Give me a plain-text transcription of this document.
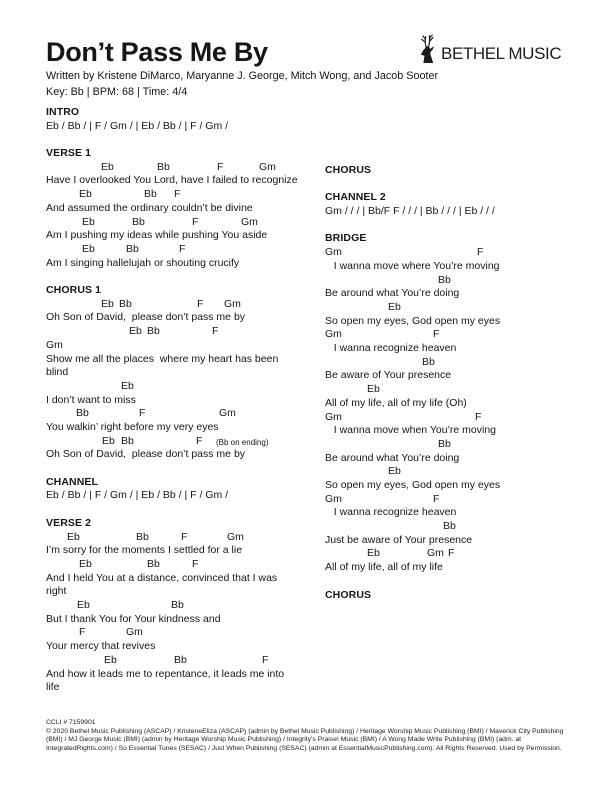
Don’t Pass Me By
Written by Kristene DiMarco, Maryanne J. George, Mitch Wong, and Jacob Sooter
Key: Bb | BPM: 68 | Time: 4/4
BETHEL MUSIC
INTRO
Eb / Bb / | F / Gm / | Eb / Bb / | F / Gm /
VERSE 1
Eb	Bb	F	Gm
Have I overlooked You Lord, have I failed to recognize
Eb	Bb F
And assumed the ordinary couldn’t be divine
Eb	Bb	F	Gm
Am I pushing my ideas while pushing You aside
Eb	Bb	F
Am I singing hallelujah or shouting crucify
CHORUS 1
Eb Bb	F Gm
Oh Son of David,  please don’t pass me by
Eb Bb	F
Gm
Show me all the places  where my heart has been
blind
Eb
I don’t want to miss
Bb	F	Gm
You walkin’ right before my very eyes
Eb Bb	F (Bb on ending)
Oh Son of David,  please don’t pass me by
CHANNEL
Eb / Bb / | F / Gm / | Eb / Bb / | F / Gm /
VERSE 2
Eb	Bb	F	Gm
I’m sorry for the moments I settled for a lie
Eb	Bb	F
And I held You at a distance, convinced that I was
right
Eb	Bb
But I thank You for Your kindness and
F	Gm
Your mercy that revives
Eb	Bb	F
And how it leads me to repentance, it leads me into
life
CHORUS
CHANNEL 2
Gm / / / | Bb/F F / / / | Bb / / / | Eb / / /
BRIDGE
Gm	F
I wanna move where You’re moving
Bb
Be around what You’re doing
Eb
So open my eyes, God open my eyes
Gm	F
I wanna recognize heaven
Bb
Be aware of Your presence
Eb
All of my life, all of my life (Oh)
Gm	F
I wanna move when You’re moving
Bb
Be around what You’re doing
Eb
So open my eyes, God open my eyes
Gm	F
I wanna recognize heaven
Bb
Just be aware of Your presence
Eb	Gm F
All of my life, all of my life
CHORUS
CCLI # 7159901
© 2020 Bethel Music Publishing (ASCAP) / KristeneEliza (ASCAP) (admin by Bethel Music Publishing) / Heritage Worship Music Publishing (BMI) / Maverick City Publishing
(BMI) / MJ George Music (BMI) (admin by Heritage Worship Music Publishing) / Integrity’s Praise! Music (BMI) / A Wong Made Write Publishing (BMI) (adm. at
IntegratedRights.com) / So Essential Tunes (SESAC) / Just When Publishing (SESAC) (admin at EssentialMusicPublishing.com). All Rights Reserved. Used by Permission.
